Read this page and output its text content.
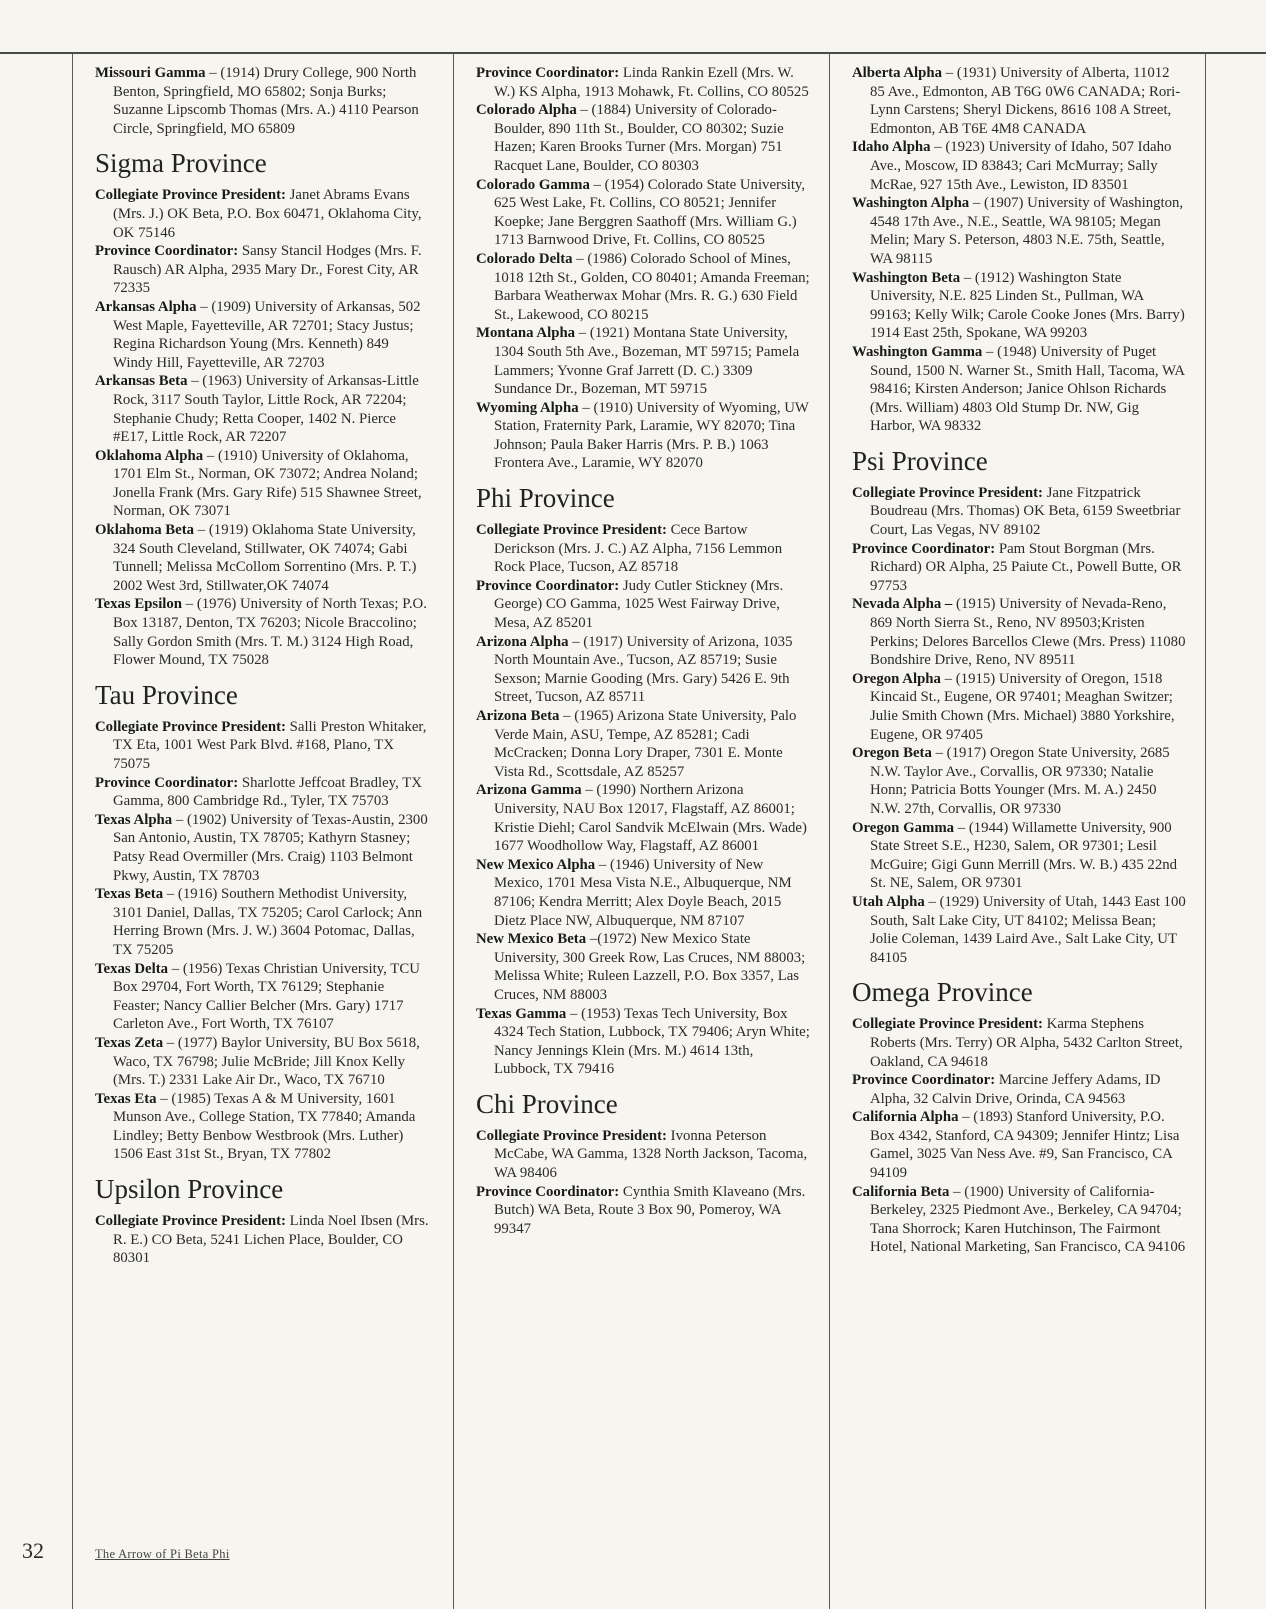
Missouri Gamma – (1914) Drury College, 900 North Benton, Springfield, MO 65802; Sonja Burks; Suzanne Lipscomb Thomas (Mrs. A.) 4110 Pearson Circle, Springfield, MO 65809

Sigma Province

Collegiate Province President: Janet Abrams Evans (Mrs. J.) OK Beta, P.O. Box 60471, Oklahoma City, OK 75146

Province Coordinator: Sansy Stancil Hodges (Mrs. F. Rausch) AR Alpha, 2935 Mary Dr., Forest City, AR 72335

Arkansas Alpha – (1909) University of Arkansas, 502 West Maple, Fayetteville, AR 72701; Stacy Justus; Regina Richardson Young (Mrs. Kenneth) 849 Windy Hill, Fayetteville, AR 72703

Arkansas Beta – (1963) University of Arkansas-Little Rock, 3117 South Taylor, Little Rock, AR 72204; Stephanie Chudy; Retta Cooper, 1402 N. Pierce #E17, Little Rock, AR 72207

Oklahoma Alpha – (1910) University of Oklahoma, 1701 Elm St., Norman, OK 73072; Andrea Noland; Jonella Frank (Mrs. Gary Rife) 515 Shawnee Street, Norman, OK 73071

Oklahoma Beta – (1919) Oklahoma State University, 324 South Cleveland, Stillwater, OK 74074; Gabi Tunnell; Melissa McCollom Sorrentino (Mrs. P. T.) 2002 West 3rd, Stillwater,OK 74074

Texas Epsilon – (1976) University of North Texas; P.O. Box 13187, Denton, TX 76203; Nicole Braccolino; Sally Gordon Smith (Mrs. T. M.) 3124 High Road, Flower Mound, TX 75028

Tau Province

Collegiate Province President: Salli Preston Whitaker, TX Eta, 1001 West Park Blvd. #168, Plano, TX 75075

Province Coordinator: Sharlotte Jeffcoat Bradley, TX Gamma, 800 Cambridge Rd., Tyler, TX 75703

Texas Alpha – (1902) University of Texas-Austin, 2300 San Antonio, Austin, TX 78705; Kathyrn Stasney; Patsy Read Overmiller (Mrs. Craig) 1103 Belmont Pkwy, Austin, TX 78703

Texas Beta – (1916) Southern Methodist University, 3101 Daniel, Dallas, TX 75205; Carol Carlock; Ann Herring Brown (Mrs. J. W.) 3604 Potomac, Dallas, TX 75205

Texas Delta – (1956) Texas Christian University, TCU Box 29704, Fort Worth, TX 76129; Stephanie Feaster; Nancy Callier Belcher (Mrs. Gary) 1717 Carleton Ave., Fort Worth, TX 76107

Texas Zeta – (1977) Baylor University, BU Box 5618, Waco, TX 76798; Julie McBride; Jill Knox Kelly (Mrs. T.) 2331 Lake Air Dr., Waco, TX 76710

Texas Eta – (1985) Texas A & M University, 1601 Munson Ave., College Station, TX 77840; Amanda Lindley; Betty Benbow Westbrook (Mrs. Luther) 1506 East 31st St., Bryan, TX 77802

Upsilon Province

Collegiate Province President: Linda Noel Ibsen (Mrs. R. E.) CO Beta, 5241 Lichen Place, Boulder, CO 80301

Province Coordinator: Linda Rankin Ezell (Mrs. W. W.) KS Alpha, 1913 Mohawk, Ft. Collins, CO 80525

Colorado Alpha – (1884) University of Colorado-Boulder, 890 11th St., Boulder, CO 80302; Suzie Hazen; Karen Brooks Turner (Mrs. Morgan) 751 Racquet Lane, Boulder, CO 80303

Colorado Gamma – (1954) Colorado State University, 625 West Lake, Ft. Collins, CO 80521; Jennifer Koepke; Jane Berggren Saathoff (Mrs. William G.) 1713 Barnwood Drive, Ft. Collins, CO 80525

Colorado Delta – (1986) Colorado School of Mines, 1018 12th St., Golden, CO 80401; Amanda Freeman; Barbara Weatherwax Mohar (Mrs. R. G.) 630 Field St., Lakewood, CO 80215

Montana Alpha – (1921) Montana State University, 1304 South 5th Ave., Bozeman, MT 59715; Pamela Lammers; Yvonne Graf Jarrett (D. C.) 3309 Sundance Dr., Bozeman, MT 59715

Wyoming Alpha – (1910) University of Wyoming, UW Station, Fraternity Park, Laramie, WY 82070; Tina Johnson; Paula Baker Harris (Mrs. P. B.) 1063 Frontera Ave., Laramie, WY 82070

Phi Province

Collegiate Province President: Cece Bartow Derickson (Mrs. J. C.) AZ Alpha, 7156 Lemmon Rock Place, Tucson, AZ 85718

Province Coordinator: Judy Cutler Stickney (Mrs. George) CO Gamma, 1025 West Fairway Drive, Mesa, AZ 85201

Arizona Alpha – (1917) University of Arizona, 1035 North Mountain Ave., Tucson, AZ 85719; Susie Sexson; Marnie Gooding (Mrs. Gary) 5426 E. 9th Street, Tucson, AZ 85711

Arizona Beta – (1965) Arizona State University, Palo Verde Main, ASU, Tempe, AZ 85281; Cadi McCracken; Donna Lory Draper, 7301 E. Monte Vista Rd., Scottsdale, AZ 85257

Arizona Gamma – (1990) Northern Arizona University, NAU Box 12017, Flagstaff, AZ 86001; Kristie Diehl; Carol Sandvik McElwain (Mrs. Wade) 1677 Woodhollow Way, Flagstaff, AZ 86001

New Mexico Alpha – (1946) University of New Mexico, 1701 Mesa Vista N.E., Albuquerque, NM 87106; Kendra Merritt; Alex Doyle Beach, 2015 Dietz Place NW, Albuquerque, NM 87107

New Mexico Beta –(1972) New Mexico State University, 300 Greek Row, Las Cruces, NM 88003; Melissa White; Ruleen Lazzell, P.O. Box 3357, Las Cruces, NM 88003

Texas Gamma – (1953) Texas Tech University, Box 4324 Tech Station, Lubbock, TX 79406; Aryn White; Nancy Jennings Klein (Mrs. M.) 4614 13th, Lubbock, TX 79416

Chi Province

Collegiate Province President: Ivonna Peterson McCabe, WA Gamma, 1328 North Jackson, Tacoma, WA 98406

Province Coordinator: Cynthia Smith Klaveano (Mrs. Butch) WA Beta, Route 3 Box 90, Pomeroy, WA 99347

Alberta Alpha – (1931) University of Alberta, 11012 85 Ave., Edmonton, AB T6G 0W6 CANADA; Rori-Lynn Carstens; Sheryl Dickens, 8616 108 A Street, Edmonton, AB T6E 4M8 CANADA

Idaho Alpha – (1923) University of Idaho, 507 Idaho Ave., Moscow, ID 83843; Cari McMurray; Sally McRae, 927 15th Ave., Lewiston, ID 83501

Washington Alpha – (1907) University of Washington, 4548 17th Ave., N.E., Seattle, WA 98105; Megan Melin; Mary S. Peterson, 4803 N.E. 75th, Seattle, WA 98115

Washington Beta – (1912) Washington State University, N.E. 825 Linden St., Pullman, WA 99163; Kelly Wilk; Carole Cooke Jones (Mrs. Barry) 1914 East 25th, Spokane, WA 99203

Washington Gamma – (1948) University of Puget Sound, 1500 N. Warner St., Smith Hall, Tacoma, WA 98416; Kirsten Anderson; Janice Ohlson Richards (Mrs. William) 4803 Old Stump Dr. NW, Gig Harbor, WA 98332

Psi Province

Collegiate Province President: Jane Fitzpatrick Boudreau (Mrs. Thomas) OK Beta, 6159 Sweetbriar Court, Las Vegas, NV 89102

Province Coordinator: Pam Stout Borgman (Mrs. Richard) OR Alpha, 25 Paiute Ct., Powell Butte, OR 97753

Nevada Alpha – (1915) University of Nevada-Reno, 869 North Sierra St., Reno, NV 89503;Kristen Perkins; Delores Barcellos Clewe (Mrs. Press) 11080 Bondshire Drive, Reno, NV 89511

Oregon Alpha – (1915) University of Oregon, 1518 Kincaid St., Eugene, OR 97401; Meaghan Switzer; Julie Smith Chown (Mrs. Michael) 3880 Yorkshire, Eugene, OR 97405

Oregon Beta – (1917) Oregon State University, 2685 N.W. Taylor Ave., Corvallis, OR 97330; Natalie Honn; Patricia Botts Younger (Mrs. M. A.) 2450 N.W. 27th, Corvallis, OR 97330

Oregon Gamma – (1944) Willamette University, 900 State Street S.E., H230, Salem, OR 97301; Lesil McGuire; Gigi Gunn Merrill (Mrs. W. B.) 435 22nd St. NE, Salem, OR 97301

Utah Alpha – (1929) University of Utah, 1443 East 100 South, Salt Lake City, UT 84102; Melissa Bean; Jolie Coleman, 1439 Laird Ave., Salt Lake City, UT 84105

Omega Province

Collegiate Province President: Karma Stephens Roberts (Mrs. Terry) OR Alpha, 5432 Carlton Street, Oakland, CA 94618

Province Coordinator: Marcine Jeffery Adams, ID Alpha, 32 Calvin Drive, Orinda, CA 94563

California Alpha – (1893) Stanford University, P.O. Box 4342, Stanford, CA 94309; Jennifer Hintz; Lisa Gamel, 3025 Van Ness Ave. #9, San Francisco, CA 94109

California Beta – (1900) University of California-Berkeley, 2325 Piedmont Ave., Berkeley, CA 94704; Tana Shorrock; Karen Hutchinson, The Fairmont Hotel, National Marketing, San Francisco, CA 94106

32	The Arrow of Pi Beta Phi
